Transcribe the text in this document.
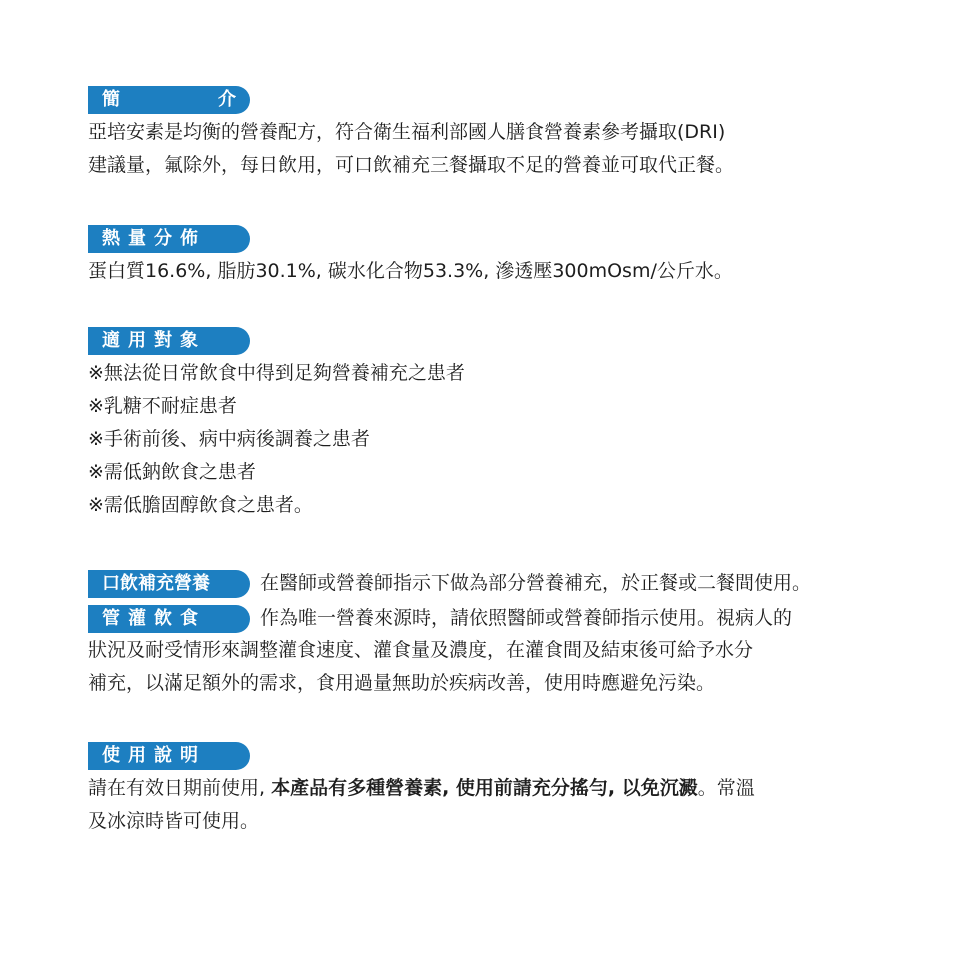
簡	介
亞培安素是均衡的營養配方，符合衛生福利部國人膳食營養素參考攝取(DRI)
建議量，氟除外，每日飲用，可口飲補充三餐攝取不足的營養並可取代正餐。
熱量分佈
蛋白質16.6%, 脂肪30.1%, 碳水化合物53.3%, 滲透壓300mOsm/公斤水。
適用對象
※無法從日常飲食中得到足夠營養補充之患者
※乳糖不耐症患者
※手術前後、病中病後調養之患者
※需低鈉飲食之患者
※需低膽固醇飲食之患者。
口飲補充營養	在醫師或營養師指示下做為部分營養補充，於正餐或二餐間使用。
管灌飲食	作為唯一營養來源時，請依照醫師或營養師指示使用。視病人的
狀況及耐受情形來調整灌食速度、灌食量及濃度，在灌食間及結束後可給予水分
補充，以滿足額外的需求，食用過量無助於疾病改善，使用時應避免污染。
使用說明
請在有效日期前使用, 本產品有多種營養素, 使用前請充分搖勻, 以免沉澱。常溫
及冰涼時皆可使用。
